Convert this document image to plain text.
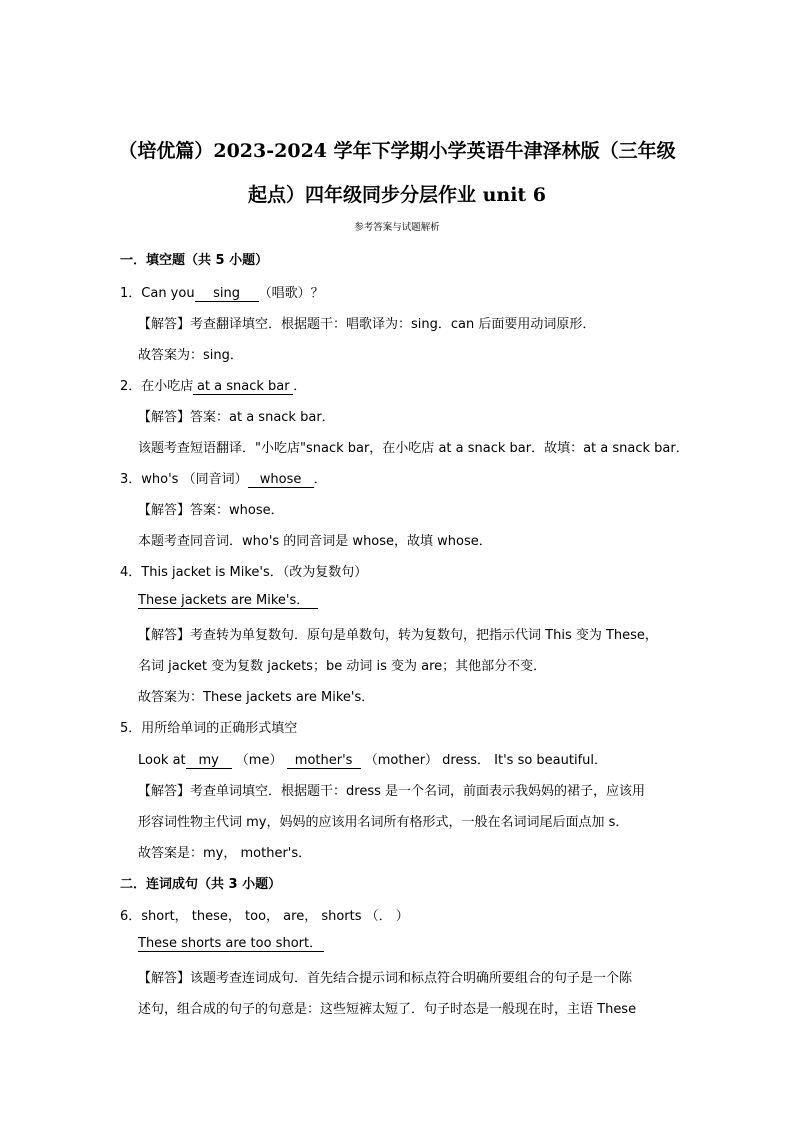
（培优篇）2023-2024 学年下学期小学英语牛津泽林版（三年级
起点）四年级同步分层作业 unit 6
参考答案与试题解析
一．填空题（共 5 小题）
1．Can yousing（唱歌）？
【解答】考查翻译填空．根据题干：唱歌译为：sing．can 后面要用动词原形．
故答案为：sing．
2．在小吃店at a snack bar．
【解答】答案：at a snack bar．
该题考查短语翻译．"小吃店"snack bar，在小吃店 at a snack bar．故填：at a snack bar．
3．who's （同音词）whose．
【解答】答案：whose．
本题考查同音词．who's 的同音词是 whose，故填 whose．
4．This jacket is Mike's．（改为复数句）
These jackets are Mike's．
【解答】考查转为单复数句．原句是单数句，转为复数句，把指示代词 This 变为 These，
名词 jacket 变为复数 jackets；be 动词 is 变为 are；其他部分不变．
故答案为：These jackets are Mike's．
5．用所给单词的正确形式填空
Look atmy （me） mother's （mother） dress． It's so beautiful．
【解答】考查单词填空．根据题干：dress 是一个名词，前面表示我妈妈的裙子，应该用
形容词性物主代词 my，妈妈的应该用名词所有格形式，一般在名词词尾后面点加 s．
故答案是：my， mother's．
二．连词成句（共 3 小题）
6．short， these， too， are， shorts （． ）
These shorts are too short．
【解答】该题考查连词成句．首先结合提示词和标点符合明确所要组合的句子是一个陈
述句，组合成的句子的句意是：这些短裤太短了．句子时态是一般现在时，主语 These
